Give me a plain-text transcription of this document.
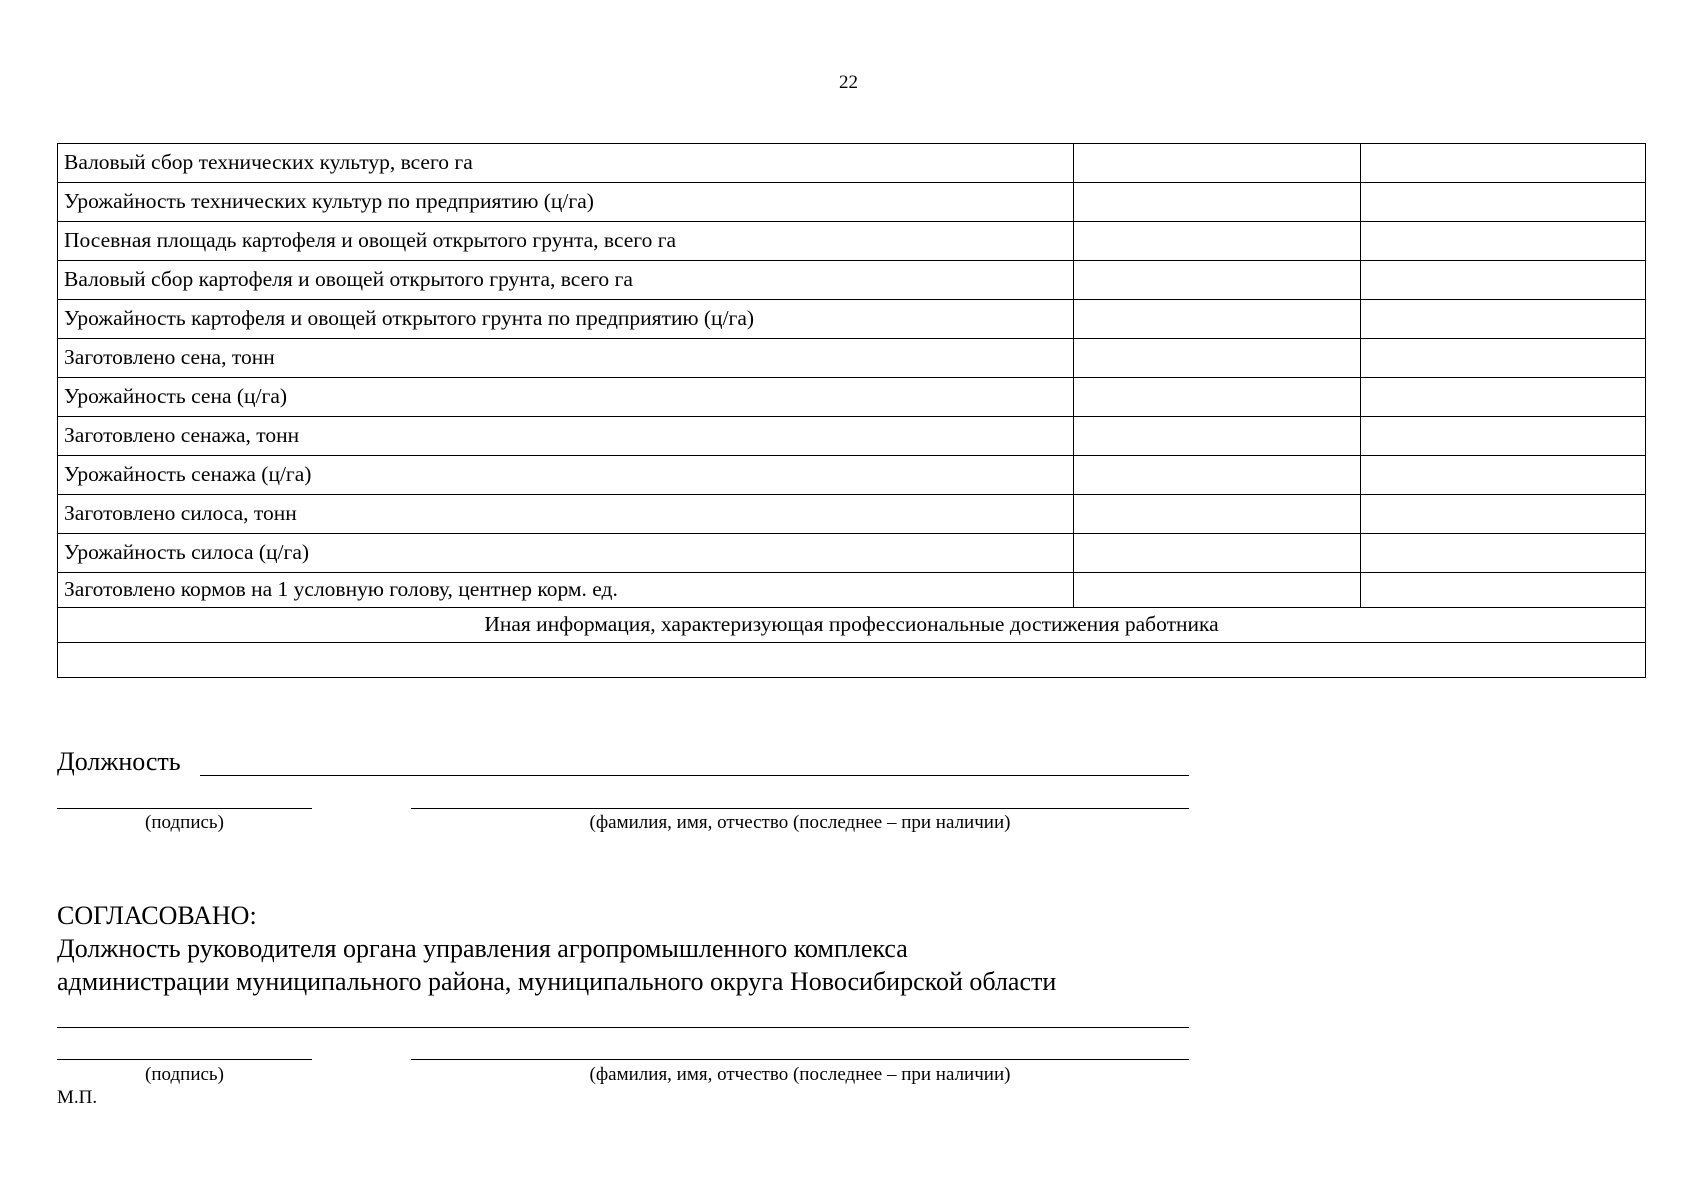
22
Валовый сбор технических культур, всего га		
Урожайность технических культур по предприятию (ц/га)		
Посевная площадь картофеля и овощей открытого грунта, всего га		
Валовый сбор картофеля и овощей открытого грунта, всего га		
Урожайность картофеля и овощей открытого грунта по предприятию (ц/га)		
Заготовлено сена, тонн		
Урожайность сена (ц/га)		
Заготовлено сенажа, тонн		
Урожайность сенажа (ц/га)		
Заготовлено силоса, тонн		
Урожайность силоса (ц/га)		
Заготовлено кормов на 1 условную голову, центнер корм. ед.		
Иная информация, характеризующая профессиональные достижения работника		

Должность
(подпись)	(фамилия, имя, отчество (последнее – при наличии)
СОГЛАСОВАНО:
Должность руководителя органа управления агропромышленного комплекса
администрации муниципального района, муниципального округа Новосибирской области
(подпись)	(фамилия, имя, отчество (последнее – при наличии)
М.П.
